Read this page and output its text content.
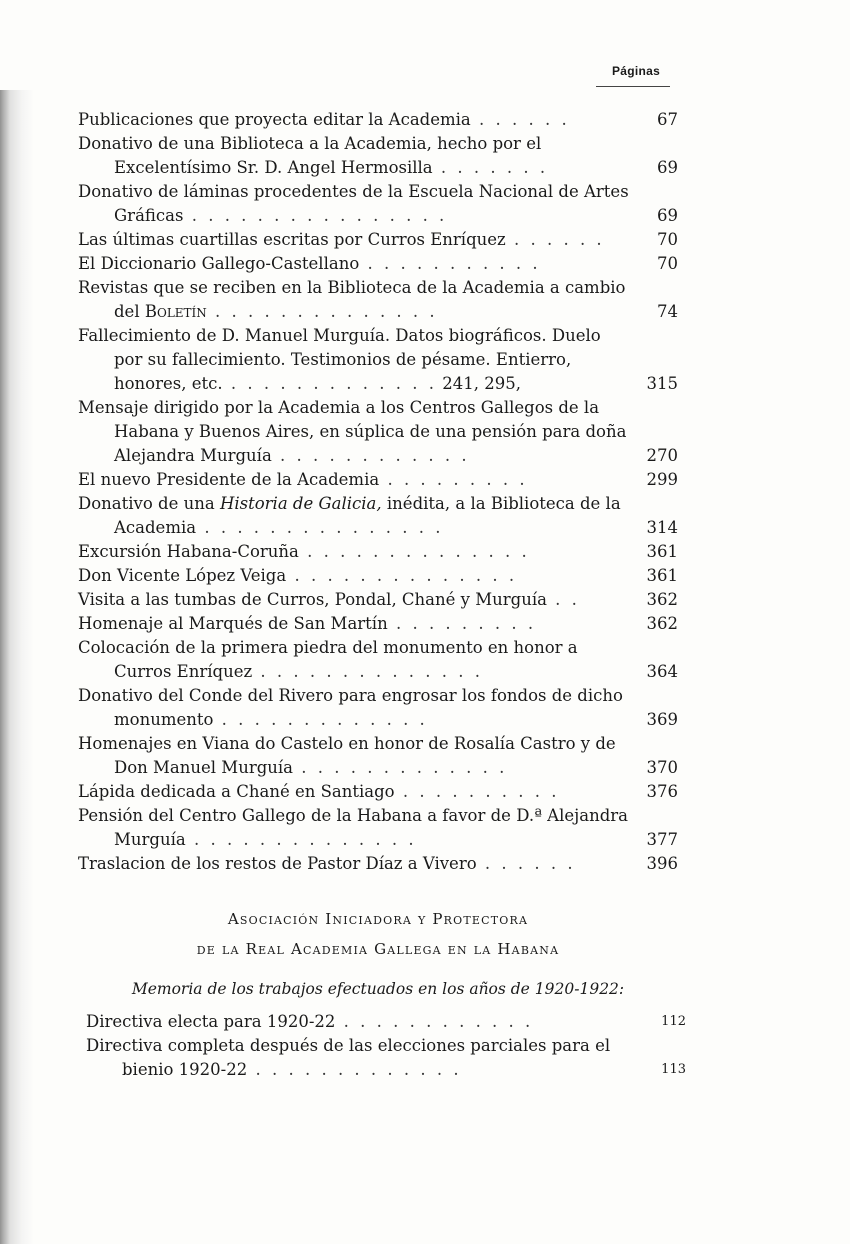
Páginas
Publicaciones que proyecta editar la Academia . . . . . .	67
Donativo de una Biblioteca a la Academia, hecho por el Excelentísimo Sr. D. Angel Hermosilla . . . . . . .	69
Donativo de láminas procedentes de la Escuela Nacional de Artes Gráficas . . . . . . . . . . . . . . . .	69
Las últimas cuartillas escritas por Curros Enríquez . . . . . .	70
El Diccionario Gallego-Castellano . . . . . . . . . . .	70
Revistas que se reciben en la Biblioteca de la Academia a cambio del Boletín . . . . . . . . . . . . . .	74
Fallecimiento de D. Manuel Murguía. Datos biográficos. Duelo por su fallecimiento. Testimonios de pésame. Entierro, honores, etc. . . . . . . . . . . . . . 241, 295,	315
Mensaje dirigido por la Academia a los Centros Gallegos de la Habana y Buenos Aires, en súplica de una pensión para doña Alejandra Murguía . . . . . . . . . . . .	270
El nuevo Presidente de la Academia . . . . . . . . .	299
Donativo de una Historia de Galicia, inédita, a la Biblioteca de la Academia . . . . . . . . . . . . . . .	314
Excursión Habana-Coruña . . . . . . . . . . . . . .	361
Don Vicente López Veiga . . . . . . . . . . . . . .	361
Visita a las tumbas de Curros, Pondal, Chané y Murguía . .	362
Homenaje al Marqués de San Martín . . . . . . . . .	362
Colocación de la primera piedra del monumento en honor a Curros Enríquez . . . . . . . . . . . . . .	364
Donativo del Conde del Rivero para engrosar los fondos de dicho monumento . . . . . . . . . . . . .	369
Homenajes en Viana do Castelo en honor de Rosalía Castro y de Don Manuel Murguía . . . . . . . . . . . . .	370
Lápida dedicada a Chané en Santiago . . . . . . . . . .	376
Pensión del Centro Gallego de la Habana a favor de D.ª Alejandra Murguía . . . . . . . . . . . . . .	377
Traslacion de los restos de Pastor Díaz a Vivero . . . . . .	396
Asociación Iniciadora y Protectora
de la Real Academia Gallega en la Habana
Memoria de los trabajos efectuados en los años de 1920-1922:
Directiva electa para 1920-22 . . . . . . . . . . . .	112
Directiva completa después de las elecciones parciales para el bienio 1920-22 . . . . . . . . . . . . .	113
